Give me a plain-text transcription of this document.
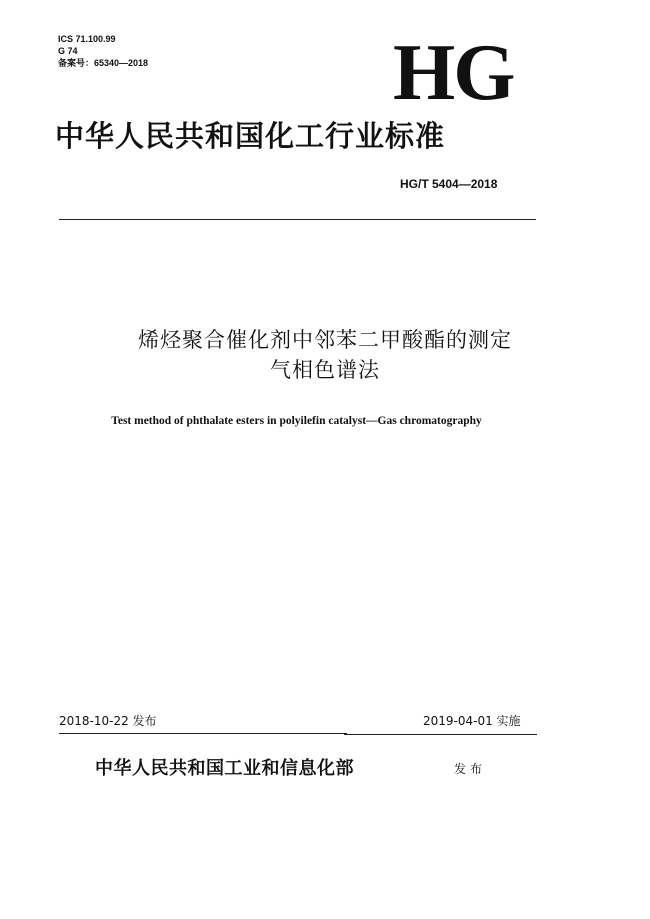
ICS 71.100.99
G 74
备案号：65340—2018	HG
中华人民共和国化工行业标准
HG/T 5404—2018
烯烃聚合催化剂中邻苯二甲酸酯的测定
气相色谱法
Test method of phthalate esters in polyilefin catalyst—Gas chromatography
2018-10-22 发布	2019-04-01 实施
中华人民共和国工业和信息化部	发布
